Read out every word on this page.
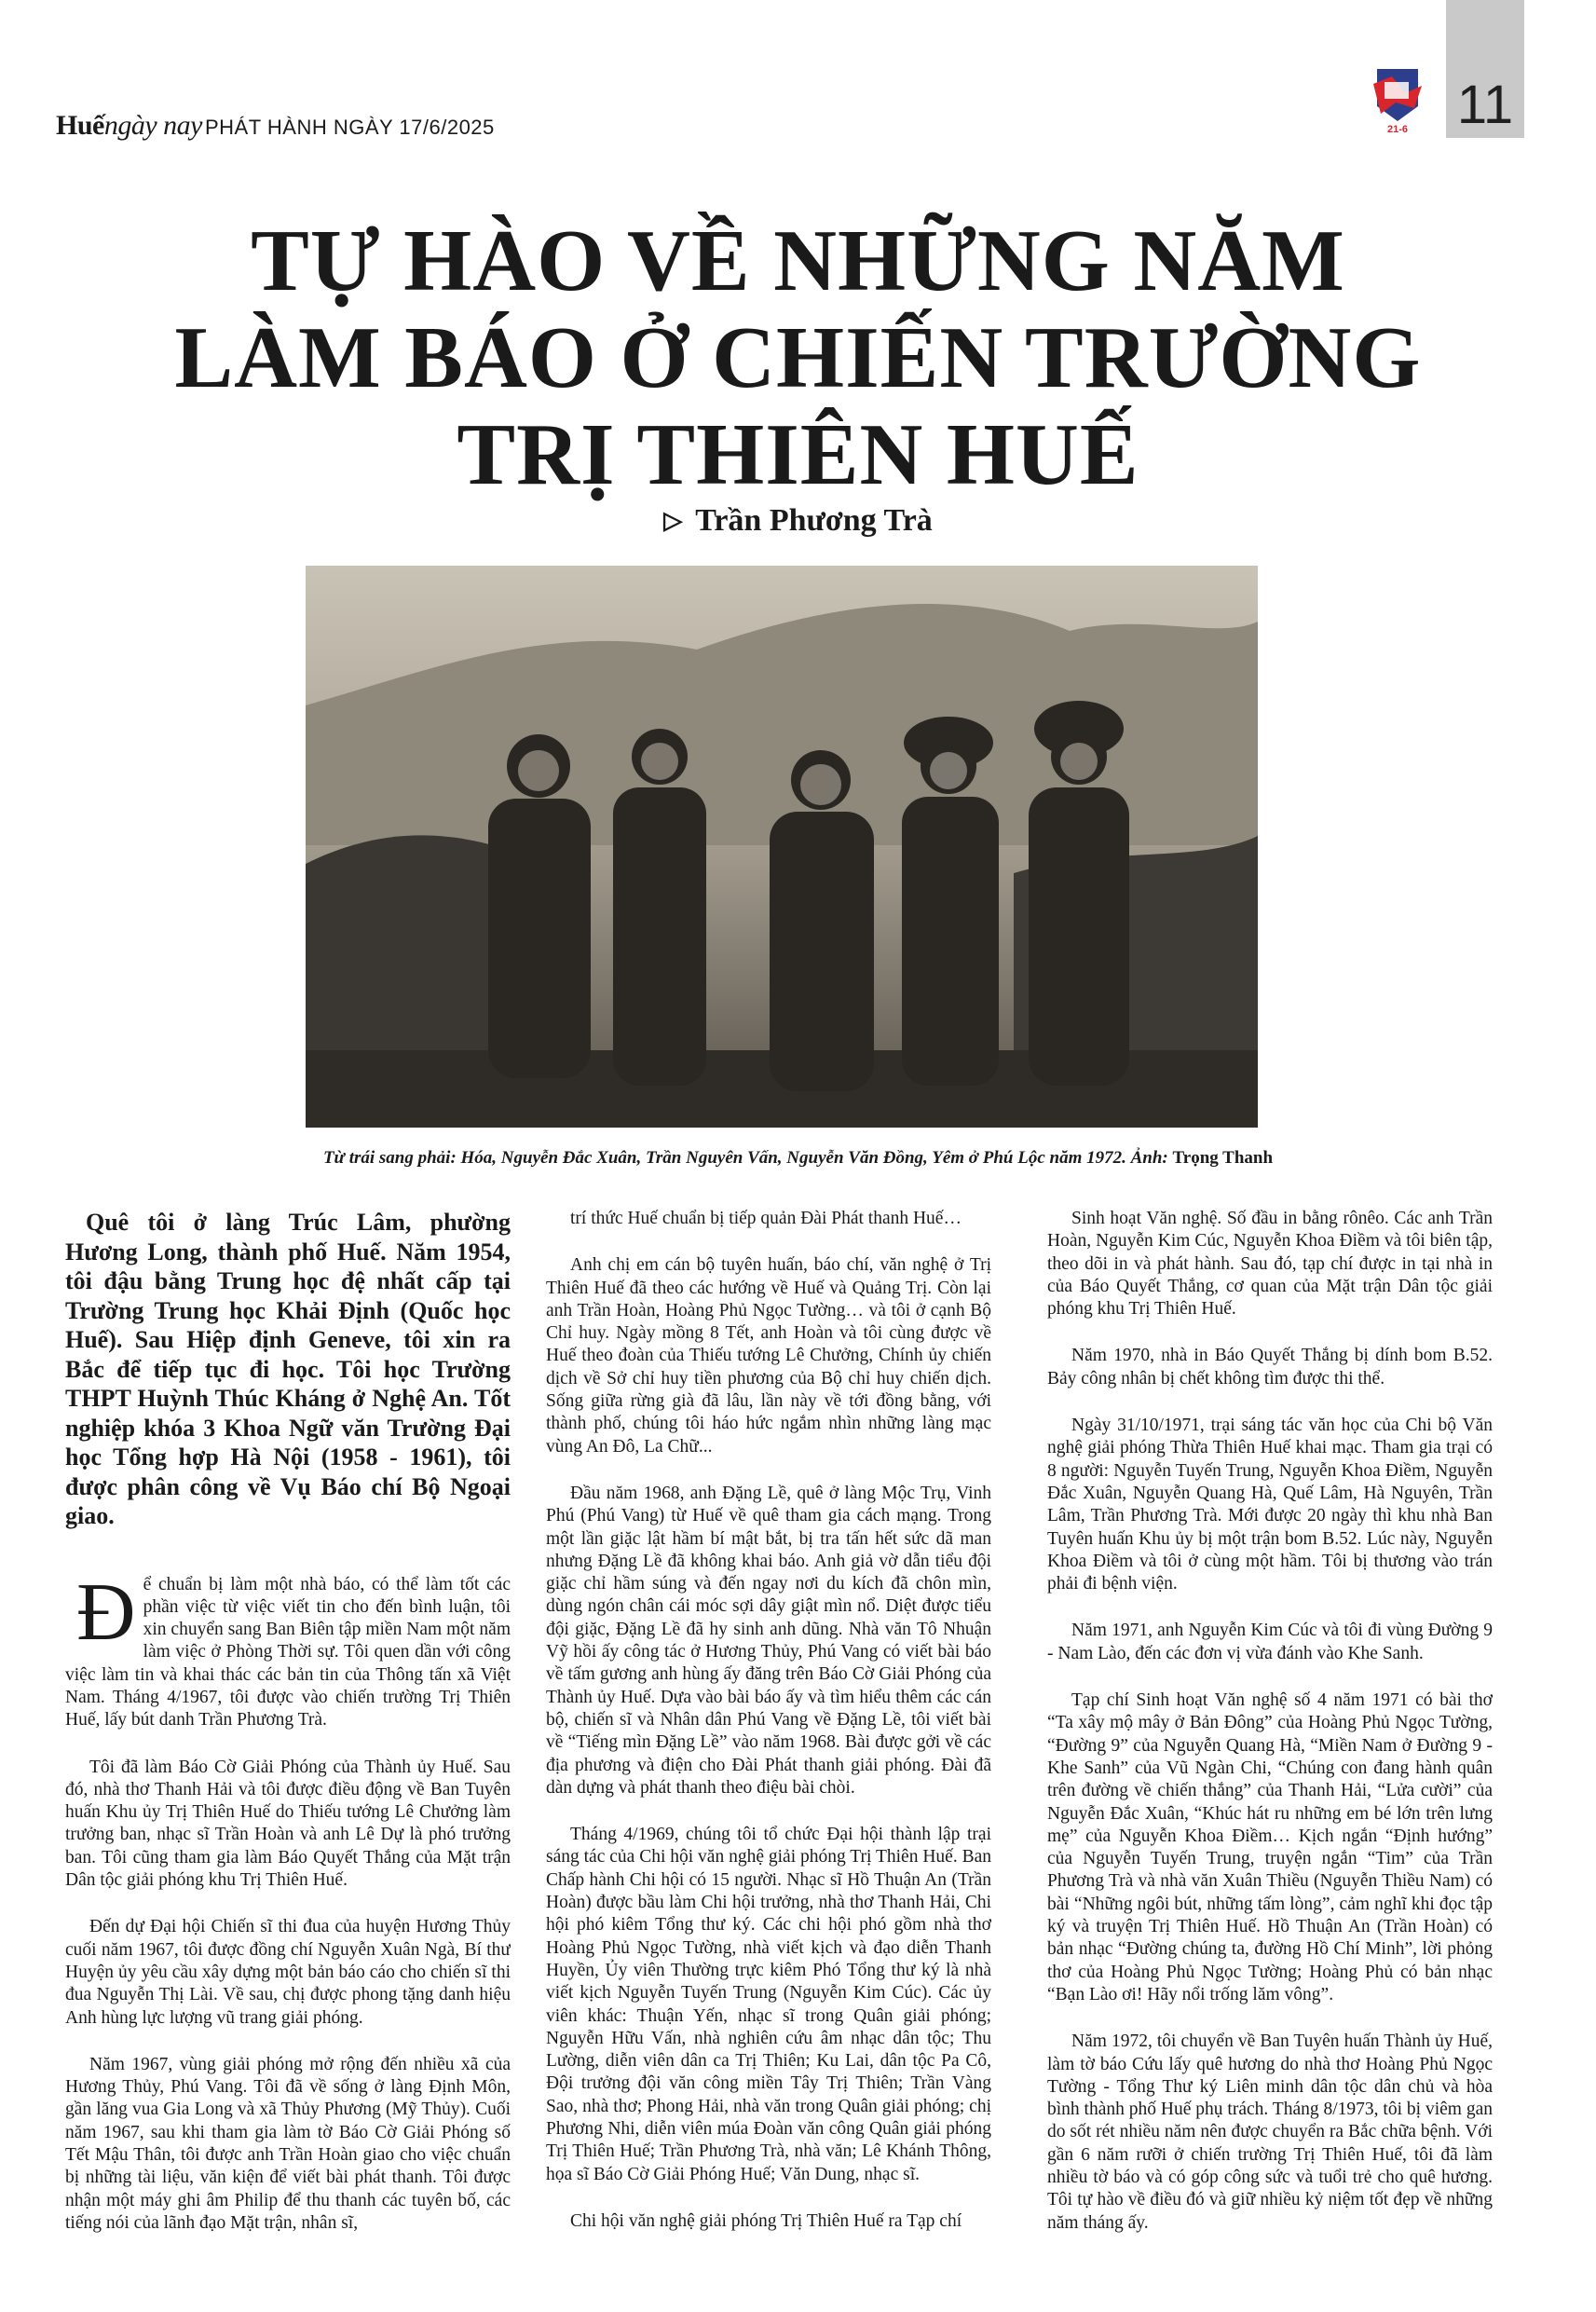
Huếngày nay PHÁT HÀNH NGÀY 17/6/2025	21-6 11
TỰ HÀO VỀ NHỮNG NĂM
LÀM BÁO Ở CHIẾN TRƯỜNG
TRỊ THIÊN HUẾ
▷ Trần Phương Trà
Từ trái sang phải: Hóa, Nguyễn Đắc Xuân, Trần Nguyên Vấn, Nguyễn Văn Đồng, Yêm ở Phú Lộc năm 1972. Ảnh: Trọng Thanh

Quê tôi ở làng Trúc Lâm, phường Hương Long, thành phố Huế. Năm 1954, tôi đậu bằng Trung học đệ nhất cấp tại Trường Trung học Khải Định (Quốc học Huế). Sau Hiệp định Geneve, tôi xin ra Bắc để tiếp tục đi học. Tôi học Trường THPT Huỳnh Thúc Kháng ở Nghệ An. Tốt nghiệp khóa 3 Khoa Ngữ văn Trường Đại học Tổng hợp Hà Nội (1958 - 1961), tôi được phân công về Vụ Báo chí Bộ Ngoại giao.

Để chuẩn bị làm một nhà báo, có thể làm tốt các phần việc từ việc viết tin cho đến bình luận, tôi xin chuyển sang Ban Biên tập miền Nam một năm làm việc ở Phòng Thời sự. Tôi quen dần với công việc làm tin và khai thác các bản tin của Thông tấn xã Việt Nam. Tháng 4/1967, tôi được vào chiến trường Trị Thiên Huế, lấy bút danh Trần Phương Trà.

Tôi đã làm Báo Cờ Giải Phóng của Thành ủy Huế. Sau đó, nhà thơ Thanh Hải và tôi được điều động về Ban Tuyên huấn Khu ủy Trị Thiên Huế do Thiếu tướng Lê Chưởng làm trưởng ban, nhạc sĩ Trần Hoàn và anh Lê Dự là phó trưởng ban. Tôi cũng tham gia làm Báo Quyết Thắng của Mặt trận Dân tộc giải phóng khu Trị Thiên Huế.

Đến dự Đại hội Chiến sĩ thi đua của huyện Hương Thủy cuối năm 1967, tôi được đồng chí Nguyễn Xuân Ngà, Bí thư Huyện ủy yêu cầu xây dựng một bản báo cáo cho chiến sĩ thi đua Nguyễn Thị Lài. Về sau, chị được phong tặng danh hiệu Anh hùng lực lượng vũ trang giải phóng.

Năm 1967, vùng giải phóng mở rộng đến nhiều xã của Hương Thủy, Phú Vang. Tôi đã về sống ở làng Định Môn, gần lăng vua Gia Long và xã Thủy Phương (Mỹ Thủy). Cuối năm 1967, sau khi tham gia làm tờ Báo Cờ Giải Phóng số Tết Mậu Thân, tôi được anh Trần Hoàn giao cho việc chuẩn bị những tài liệu, văn kiện để viết bài phát thanh. Tôi được nhận một máy ghi âm Philip để thu thanh các tuyên bố, các tiếng nói của lãnh đạo Mặt trận, nhân sĩ,

trí thức Huế chuẩn bị tiếp quản Đài Phát thanh Huế…

Anh chị em cán bộ tuyên huấn, báo chí, văn nghệ ở Trị Thiên Huế đã theo các hướng về Huế và Quảng Trị. Còn lại anh Trần Hoàn, Hoàng Phủ Ngọc Tường… và tôi ở cạnh Bộ Chỉ huy. Ngày mồng 8 Tết, anh Hoàn và tôi cùng được về Huế theo đoàn của Thiếu tướng Lê Chưởng, Chính ủy chiến dịch về Sở chỉ huy tiền phương của Bộ chỉ huy chiến dịch. Sống giữa rừng già đã lâu, lần này về tới đồng bằng, với thành phố, chúng tôi háo hức ngắm nhìn những làng mạc vùng An Đô, La Chữ...

Đầu năm 1968, anh Đặng Lề, quê ở làng Mộc Trụ, Vinh Phú (Phú Vang) từ Huế về quê tham gia cách mạng. Trong một lần giặc lật hầm bí mật bắt, bị tra tấn hết sức dã man nhưng Đặng Lề đã không khai báo. Anh giả vờ dẫn tiểu đội giặc chỉ hầm súng và đến ngay nơi du kích đã chôn mìn, dùng ngón chân cái móc sợi dây giật mìn nổ. Diệt được tiểu đội giặc, Đặng Lề đã hy sinh anh dũng. Nhà văn Tô Nhuận Vỹ hồi ấy công tác ở Hương Thủy, Phú Vang có viết bài báo về tấm gương anh hùng ấy đăng trên Báo Cờ Giải Phóng của Thành ủy Huế. Dựa vào bài báo ấy và tìm hiểu thêm các cán bộ, chiến sĩ và Nhân dân Phú Vang về Đặng Lề, tôi viết bài về “Tiếng mìn Đặng Lề” vào năm 1968. Bài được gởi về các địa phương và điện cho Đài Phát thanh giải phóng. Đài đã dàn dựng và phát thanh theo điệu bài chòi.

Tháng 4/1969, chúng tôi tổ chức Đại hội thành lập trại sáng tác của Chi hội văn nghệ giải phóng Trị Thiên Huế. Ban Chấp hành Chi hội có 15 người. Nhạc sĩ Hồ Thuận An (Trần Hoàn) được bầu làm Chi hội trưởng, nhà thơ Thanh Hải, Chi hội phó kiêm Tổng thư ký. Các chi hội phó gồm nhà thơ Hoàng Phủ Ngọc Tường, nhà viết kịch và đạo diễn Thanh Huyền, Ủy viên Thường trực kiêm Phó Tổng thư ký là nhà viết kịch Nguyễn Tuyến Trung (Nguyễn Kim Cúc). Các ủy viên khác: Thuận Yến, nhạc sĩ trong Quân giải phóng; Nguyễn Hữu Vấn, nhà nghiên cứu âm nhạc dân tộc; Thu Lường, diễn viên dân ca Trị Thiên; Ku Lai, dân tộc Pa Cô, Đội trưởng đội văn công miền Tây Trị Thiên; Trần Vàng Sao, nhà thơ; Phong Hải, nhà văn trong Quân giải phóng; chị Phương Nhi, diễn viên múa Đoàn văn công Quân giải phóng Trị Thiên Huế; Trần Phương Trà, nhà văn; Lê Khánh Thông, họa sĩ Báo Cờ Giải Phóng Huế; Văn Dung, nhạc sĩ.

Chi hội văn nghệ giải phóng Trị Thiên Huế ra Tạp chí

Sinh hoạt Văn nghệ. Số đầu in bằng rônêo. Các anh Trần Hoàn, Nguyễn Kim Cúc, Nguyễn Khoa Điềm và tôi biên tập, theo dõi in và phát hành. Sau đó, tạp chí được in tại nhà in của Báo Quyết Thắng, cơ quan của Mặt trận Dân tộc giải phóng khu Trị Thiên Huế.

Năm 1970, nhà in Báo Quyết Thắng bị dính bom B.52. Bảy công nhân bị chết không tìm được thi thể.

Ngày 31/10/1971, trại sáng tác văn học của Chi bộ Văn nghệ giải phóng Thừa Thiên Huế khai mạc. Tham gia trại có 8 người: Nguyễn Tuyến Trung, Nguyễn Khoa Điềm, Nguyễn Đắc Xuân, Nguyễn Quang Hà, Quế Lâm, Hà Nguyên, Trần Lâm, Trần Phương Trà. Mới được 20 ngày thì khu nhà Ban Tuyên huấn Khu ủy bị một trận bom B.52. Lúc này, Nguyễn Khoa Điềm và tôi ở cùng một hầm. Tôi bị thương vào trán phải đi bệnh viện.

Năm 1971, anh Nguyễn Kim Cúc và tôi đi vùng Đường 9 - Nam Lào, đến các đơn vị vừa đánh vào Khe Sanh.

Tạp chí Sinh hoạt Văn nghệ số 4 năm 1971 có bài thơ “Ta xây mộ mây ở Bản Đông” của Hoàng Phủ Ngọc Tường, “Đường 9” của Nguyễn Quang Hà, “Miền Nam ở Đường 9 - Khe Sanh” của Vũ Ngàn Chi, “Chúng con đang hành quân trên đường về chiến thắng” của Thanh Hải, “Lửa cười” của Nguyễn Đắc Xuân, “Khúc hát ru những em bé lớn trên lưng mẹ” của Nguyễn Khoa Điềm… Kịch ngắn “Định hướng” của Nguyễn Tuyến Trung, truyện ngắn “Tim” của Trần Phương Trà và nhà văn Xuân Thiều (Nguyễn Thiều Nam) có bài “Những ngôi bút, những tấm lòng”, cảm nghĩ khi đọc tập ký và truyện Trị Thiên Huế. Hồ Thuận An (Trần Hoàn) có bản nhạc “Đường chúng ta, đường Hồ Chí Minh”, lời phỏng thơ của Hoàng Phủ Ngọc Tường; Hoàng Phủ có bản nhạc “Bạn Lào ơi! Hãy nổi trống lăm vông”.

Năm 1972, tôi chuyển về Ban Tuyên huấn Thành ủy Huế, làm tờ báo Cứu lấy quê hương do nhà thơ Hoàng Phủ Ngọc Tường - Tổng Thư ký Liên minh dân tộc dân chủ và hòa bình thành phố Huế phụ trách. Tháng 8/1973, tôi bị viêm gan do sốt rét nhiều năm nên được chuyển ra Bắc chữa bệnh. Với gần 6 năm rưỡi ở chiến trường Trị Thiên Huế, tôi đã làm nhiều tờ báo và có góp công sức và tuổi trẻ cho quê hương. Tôi tự hào về điều đó và giữ nhiều kỷ niệm tốt đẹp về những năm tháng ấy.
